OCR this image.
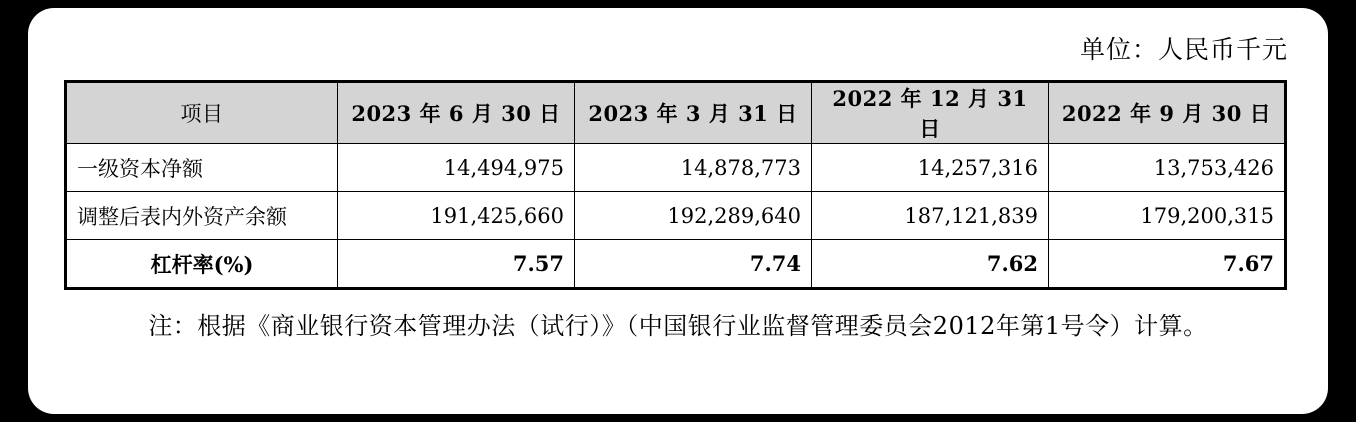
单位：人民币千元
项目	2023 年 6 月 30 日	2023 年 3 月 31 日	2022 年 12 月 31 日	2022 年 9 月 30 日
一级资本净额	14,494,975	14,878,773	14,257,316	13,753,426
调整后表内外资产余额	191,425,660	192,289,640	187,121,839	179,200,315
杠杆率(%)	7.57	7.74	7.62	7.67
注：根据《商业银行资本管理办法（试行）》（中国银行业监督管理委员会2012年第1号令）计算。
